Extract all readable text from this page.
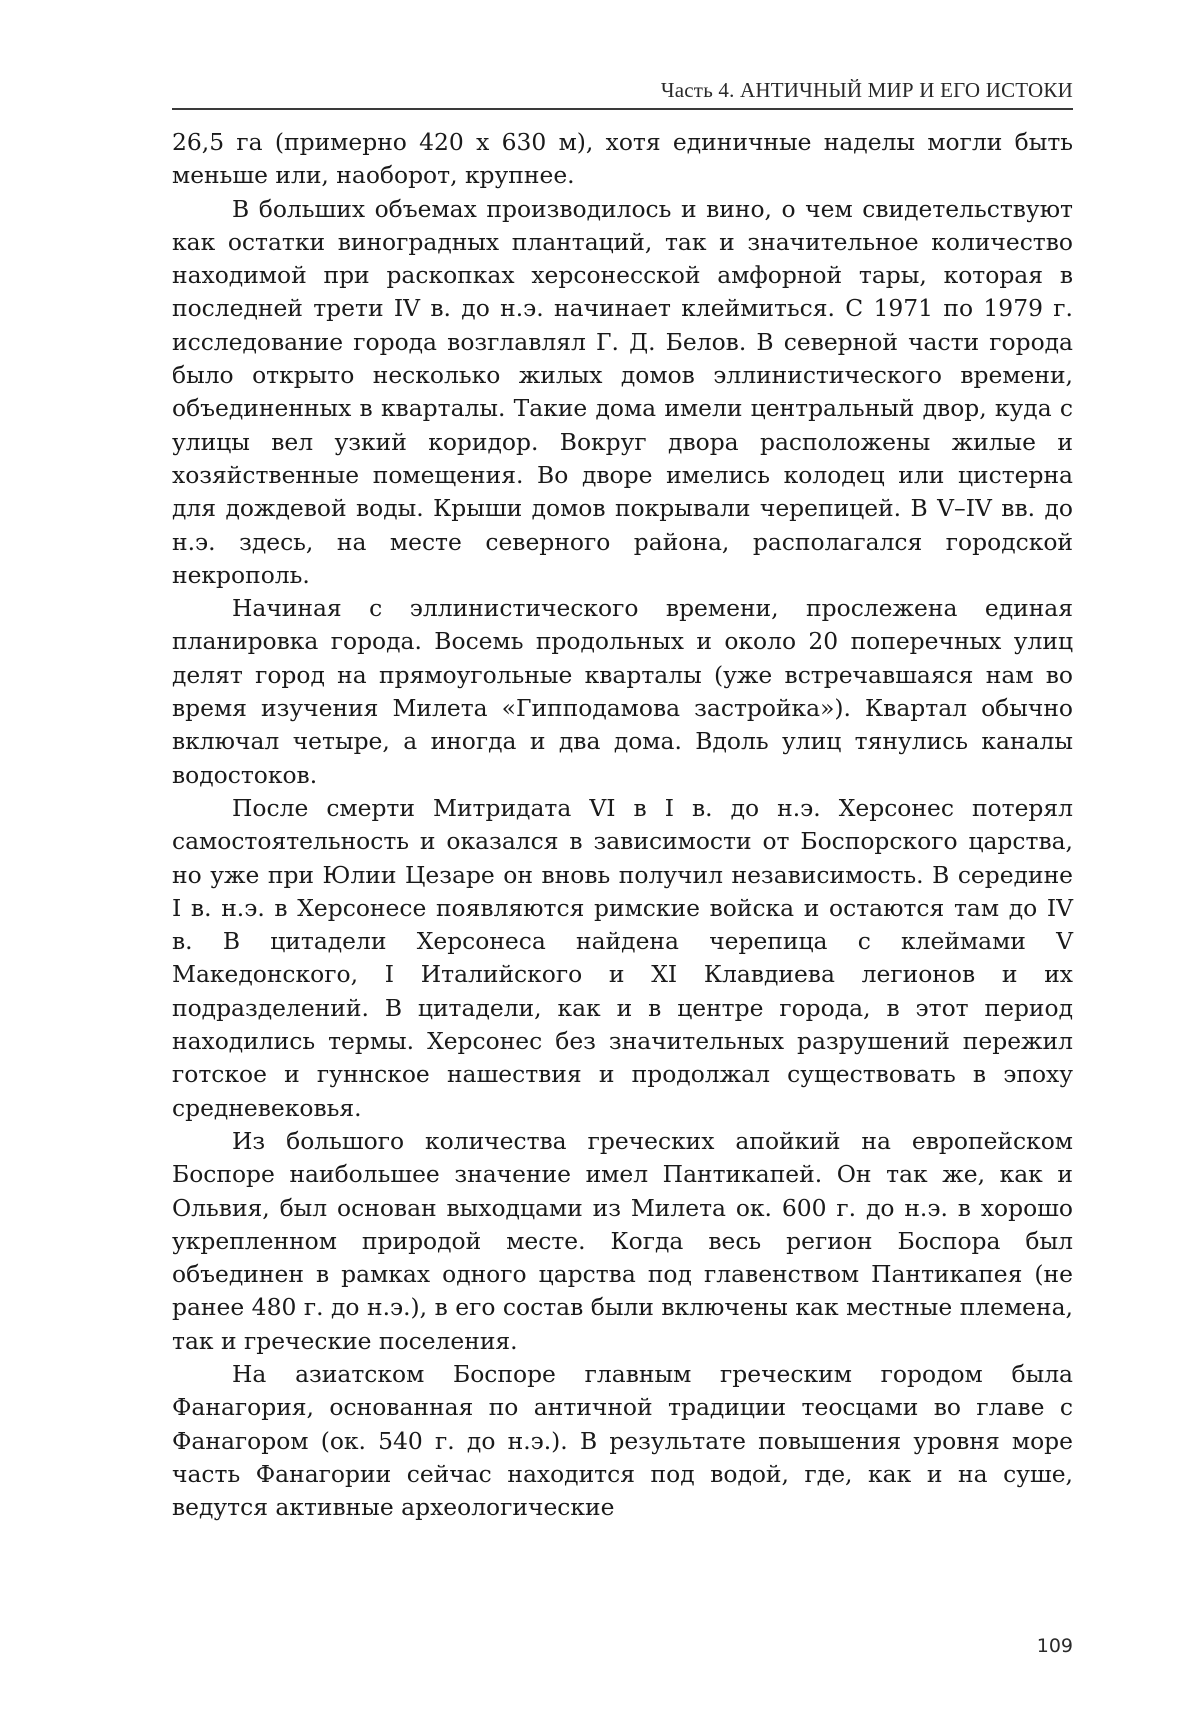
Часть 4. АНТИЧНЫЙ МИР И ЕГО ИСТОКИ

26,5 га (примерно 420 х 630 м), хотя единичные наделы могли быть меньше или, наоборот, крупнее.

В больших объемах производилось и вино, о чем свидетельствуют как остатки виноградных плантаций, так и значительное количество находимой при раскопках херсонесской амфорной тары, которая в последней трети IV в. до н.э. начинает клеймиться. С 1971 по 1979 г. исследование города возглавлял Г. Д. Белов. В северной части города было открыто несколько жилых домов эллинистического времени, объединенных в кварталы. Такие дома имели центральный двор, куда с улицы вел узкий коридор. Вокруг двора расположены жилые и хозяйственные помещения. Во дворе имелись колодец или цистерна для дождевой воды. Крыши домов покрывали черепицей. В V–IV вв. до н.э. здесь, на месте северного района, располагался городской некрополь.

Начиная с эллинистического времени, прослежена единая планировка города. Восемь продольных и около 20 поперечных улиц делят город на прямоугольные кварталы (уже встречавшаяся нам во время изучения Милета «Гипподамова застройка»). Квартал обычно включал четыре, а иногда и два дома. Вдоль улиц тянулись каналы водостоков.

После смерти Митридата VI в I в. до н.э. Херсонес потерял самостоятельность и оказался в зависимости от Боспорского царства, но уже при Юлии Цезаре он вновь получил независимость. В середине I в. н.э. в Херсонесе появляются римские войска и остаются там до IV в. В цитадели Херсонеса найдена черепица с клеймами V Македонского, I Италийского и XI Клавдиева легионов и их подразделений. В цитадели, как и в центре города, в этот период находились термы. Херсонес без значительных разрушений пережил готское и гуннское нашествия и продолжал существовать в эпоху средневековья.

Из большого количества греческих апойкий на европейском Боспоре наибольшее значение имел Пантикапей. Он так же, как и Ольвия, был основан выходцами из Милета ок. 600 г. до н.э. в хорошо укрепленном природой месте. Когда весь регион Боспора был объединен в рамках одного царства под главенством Пантикапея (не ранее 480 г. до н.э.), в его состав были включены как местные племена, так и греческие поселения.

На азиатском Боспоре главным греческим городом была Фанагория, основанная по античной традиции теосцами во главе с Фанагором (ок. 540 г. до н.э.). В результате повышения уровня море часть Фанагории сейчас находится под водой, где, как и на суше, ведутся активные археологические

109
